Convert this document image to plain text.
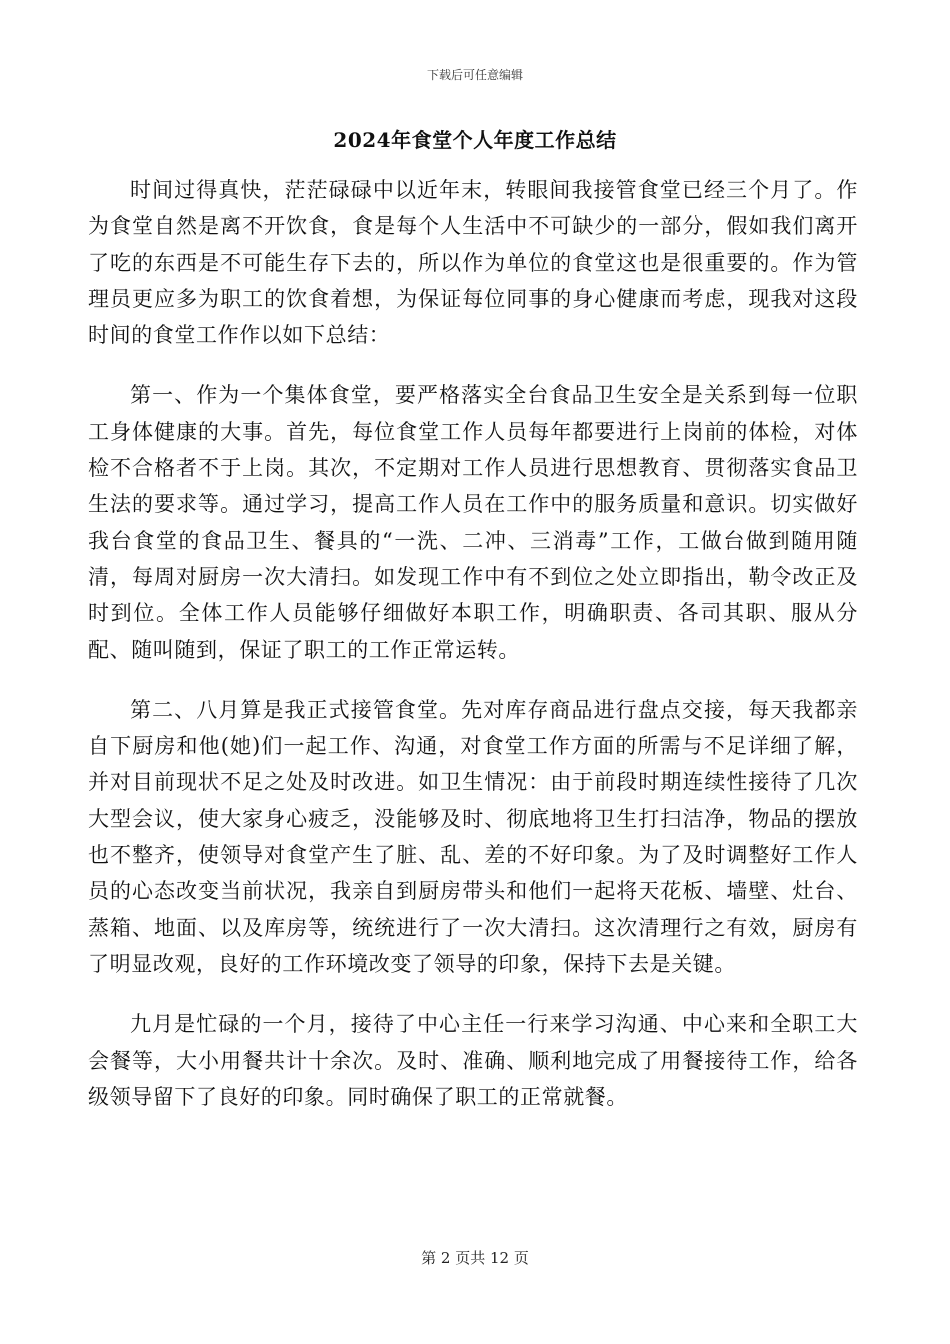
下载后可任意编辑
2024年食堂个人年度工作总结

时间过得真快，茫茫碌碌中以近年末，转眼间我接管食堂已经三个月了。作为食堂自然是离不开饮食，食是每个人生活中不可缺少的一部分，假如我们离开了吃的东西是不可能生存下去的，所以作为单位的食堂这也是很重要的。作为管理员更应多为职工的饮食着想，为保证每位同事的身心健康而考虑，现我对这段时间的食堂工作作以如下总结：

第一、作为一个集体食堂，要严格落实全台食品卫生安全是关系到每一位职工身体健康的大事。首先，每位食堂工作人员每年都要进行上岗前的体检，对体检不合格者不于上岗。其次，不定期对工作人员进行思想教育、贯彻落实食品卫生法的要求等。通过学习，提高工作人员在工作中的服务质量和意识。切实做好我台食堂的食品卫生、餐具的“一洗、二冲、三消毒”工作，工做台做到随用随清，每周对厨房一次大清扫。如发现工作中有不到位之处立即指出，勒令改正及时到位。全体工作人员能够仔细做好本职工作，明确职责、各司其职、服从分配、随叫随到，保证了职工的工作正常运转。

第二、八月算是我正式接管食堂。先对库存商品进行盘点交接，每天我都亲自下厨房和他(她)们一起工作、沟通，对食堂工作方面的所需与不足详细了解，并对目前现状不足之处及时改进。如卫生情况：由于前段时期连续性接待了几次大型会议，使大家身心疲乏，没能够及时、彻底地将卫生打扫洁净，物品的摆放也不整齐，使领导对食堂产生了脏、乱、差的不好印象。为了及时调整好工作人员的心态改变当前状况，我亲自到厨房带头和他们一起将天花板、墙壁、灶台、蒸箱、地面、以及库房等，统统进行了一次大清扫。这次清理行之有效，厨房有了明显改观，良好的工作环境改变了领导的印象，保持下去是关键。

九月是忙碌的一个月，接待了中心主任一行来学习沟通、中心来和全职工大会餐等，大小用餐共计十余次。及时、准确、顺利地完成了用餐接待工作，给各级领导留下了良好的印象。同时确保了职工的正常就餐。

第 2 页共 12 页
